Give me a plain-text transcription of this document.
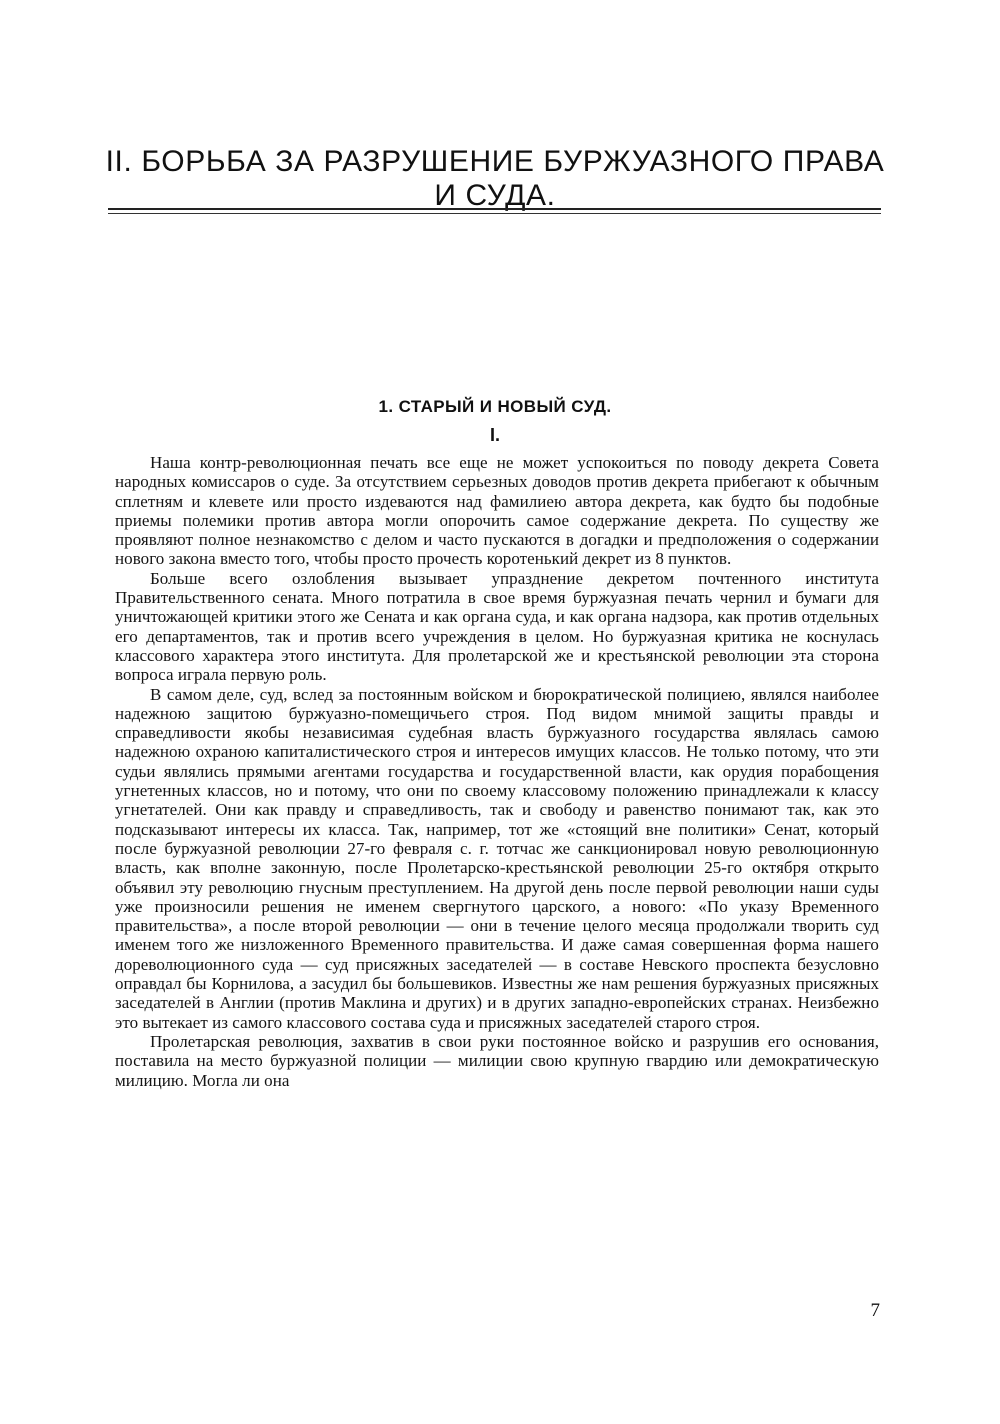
II. БОРЬБА ЗА РАЗРУШЕНИЕ БУРЖУАЗНОГО ПРАВА
И СУДА.
1. СТАРЫЙ И НОВЫЙ СУД.
I.

Наша контр-революционная печать все еще не может успокоиться по поводу декрета Совета народных комиссаров о суде. За отсутствием серьезных доводов против декрета прибегают к обычным сплетням и клевете или просто издеваются над фамилиею автора декрета, как будто бы подобные приемы полемики против автора могли опорочить самое содержание декрета. По существу же проявляют полное незнакомство с делом и часто пускаются в догадки и предположения о содержании нового закона вместо того, чтобы просто прочесть коротенький декрет из 8 пунктов.

Больше всего озлобления вызывает упразднение декретом почтенного института Правительственного сената. Много потратила в свое время буржуазная печать чернил и бумаги для уничтожающей критики этого же Сената и как органа суда, и как органа надзора, как против отдельных его департаментов, так и против всего учреждения в целом. Но буржуазная критика не коснулась классового характера этого института. Для пролетарской же и крестьянской революции эта сторона вопроса играла первую роль.

В самом деле, суд, вслед за постоянным войском и бюрократической полициею, являлся наиболее надежною защитою буржуазно-помещичьего строя. Под видом мнимой защиты правды и справедливости якобы независимая судебная власть буржуазного государства являлась самою надежною охраною капиталистического строя и интересов имущих классов. Не только потому, что эти судьи являлись прямыми агентами государства и государственной власти, как орудия порабощения угнетенных классов, но и потому, что они по своему классовому положению принадлежали к классу угнетателей. Они как правду и справедливость, так и свободу и равенство понимают так, как это подсказывают интересы их класса. Так, например, тот же «стоящий вне политики» Сенат, который после буржуазной революции 27-го февраля с. г. тотчас же санкционировал новую революционную власть, как вполне законную, после Пролетарско-крестьянской революции 25-го октября открыто объявил эту революцию гнусным преступлением. На другой день после первой революции наши суды уже произносили решения не именем свергнутого царского, а нового: «По указу Временного правительства», а после второй революции — они в течение целого месяца продолжали творить суд именем того же низложенного Временного правительства. И даже самая совершенная форма нашего дореволюционного суда — суд присяжных заседателей — в составе Невского проспекта безусловно оправдал бы Корнилова, а засудил бы большевиков. Известны же нам решения буржуазных присяжных заседателей в Англии (против Маклина и других) и в других западно-европейских странах. Неизбежно это вытекает из самого классового состава суда и присяжных заседателей старого строя.

Пролетарская революция, захватив в свои руки постоянное войско и разрушив его основания, поставила на место буржуазной полиции — милиции свою крупную гвардию или демократическую милицию. Могла ли она

7
